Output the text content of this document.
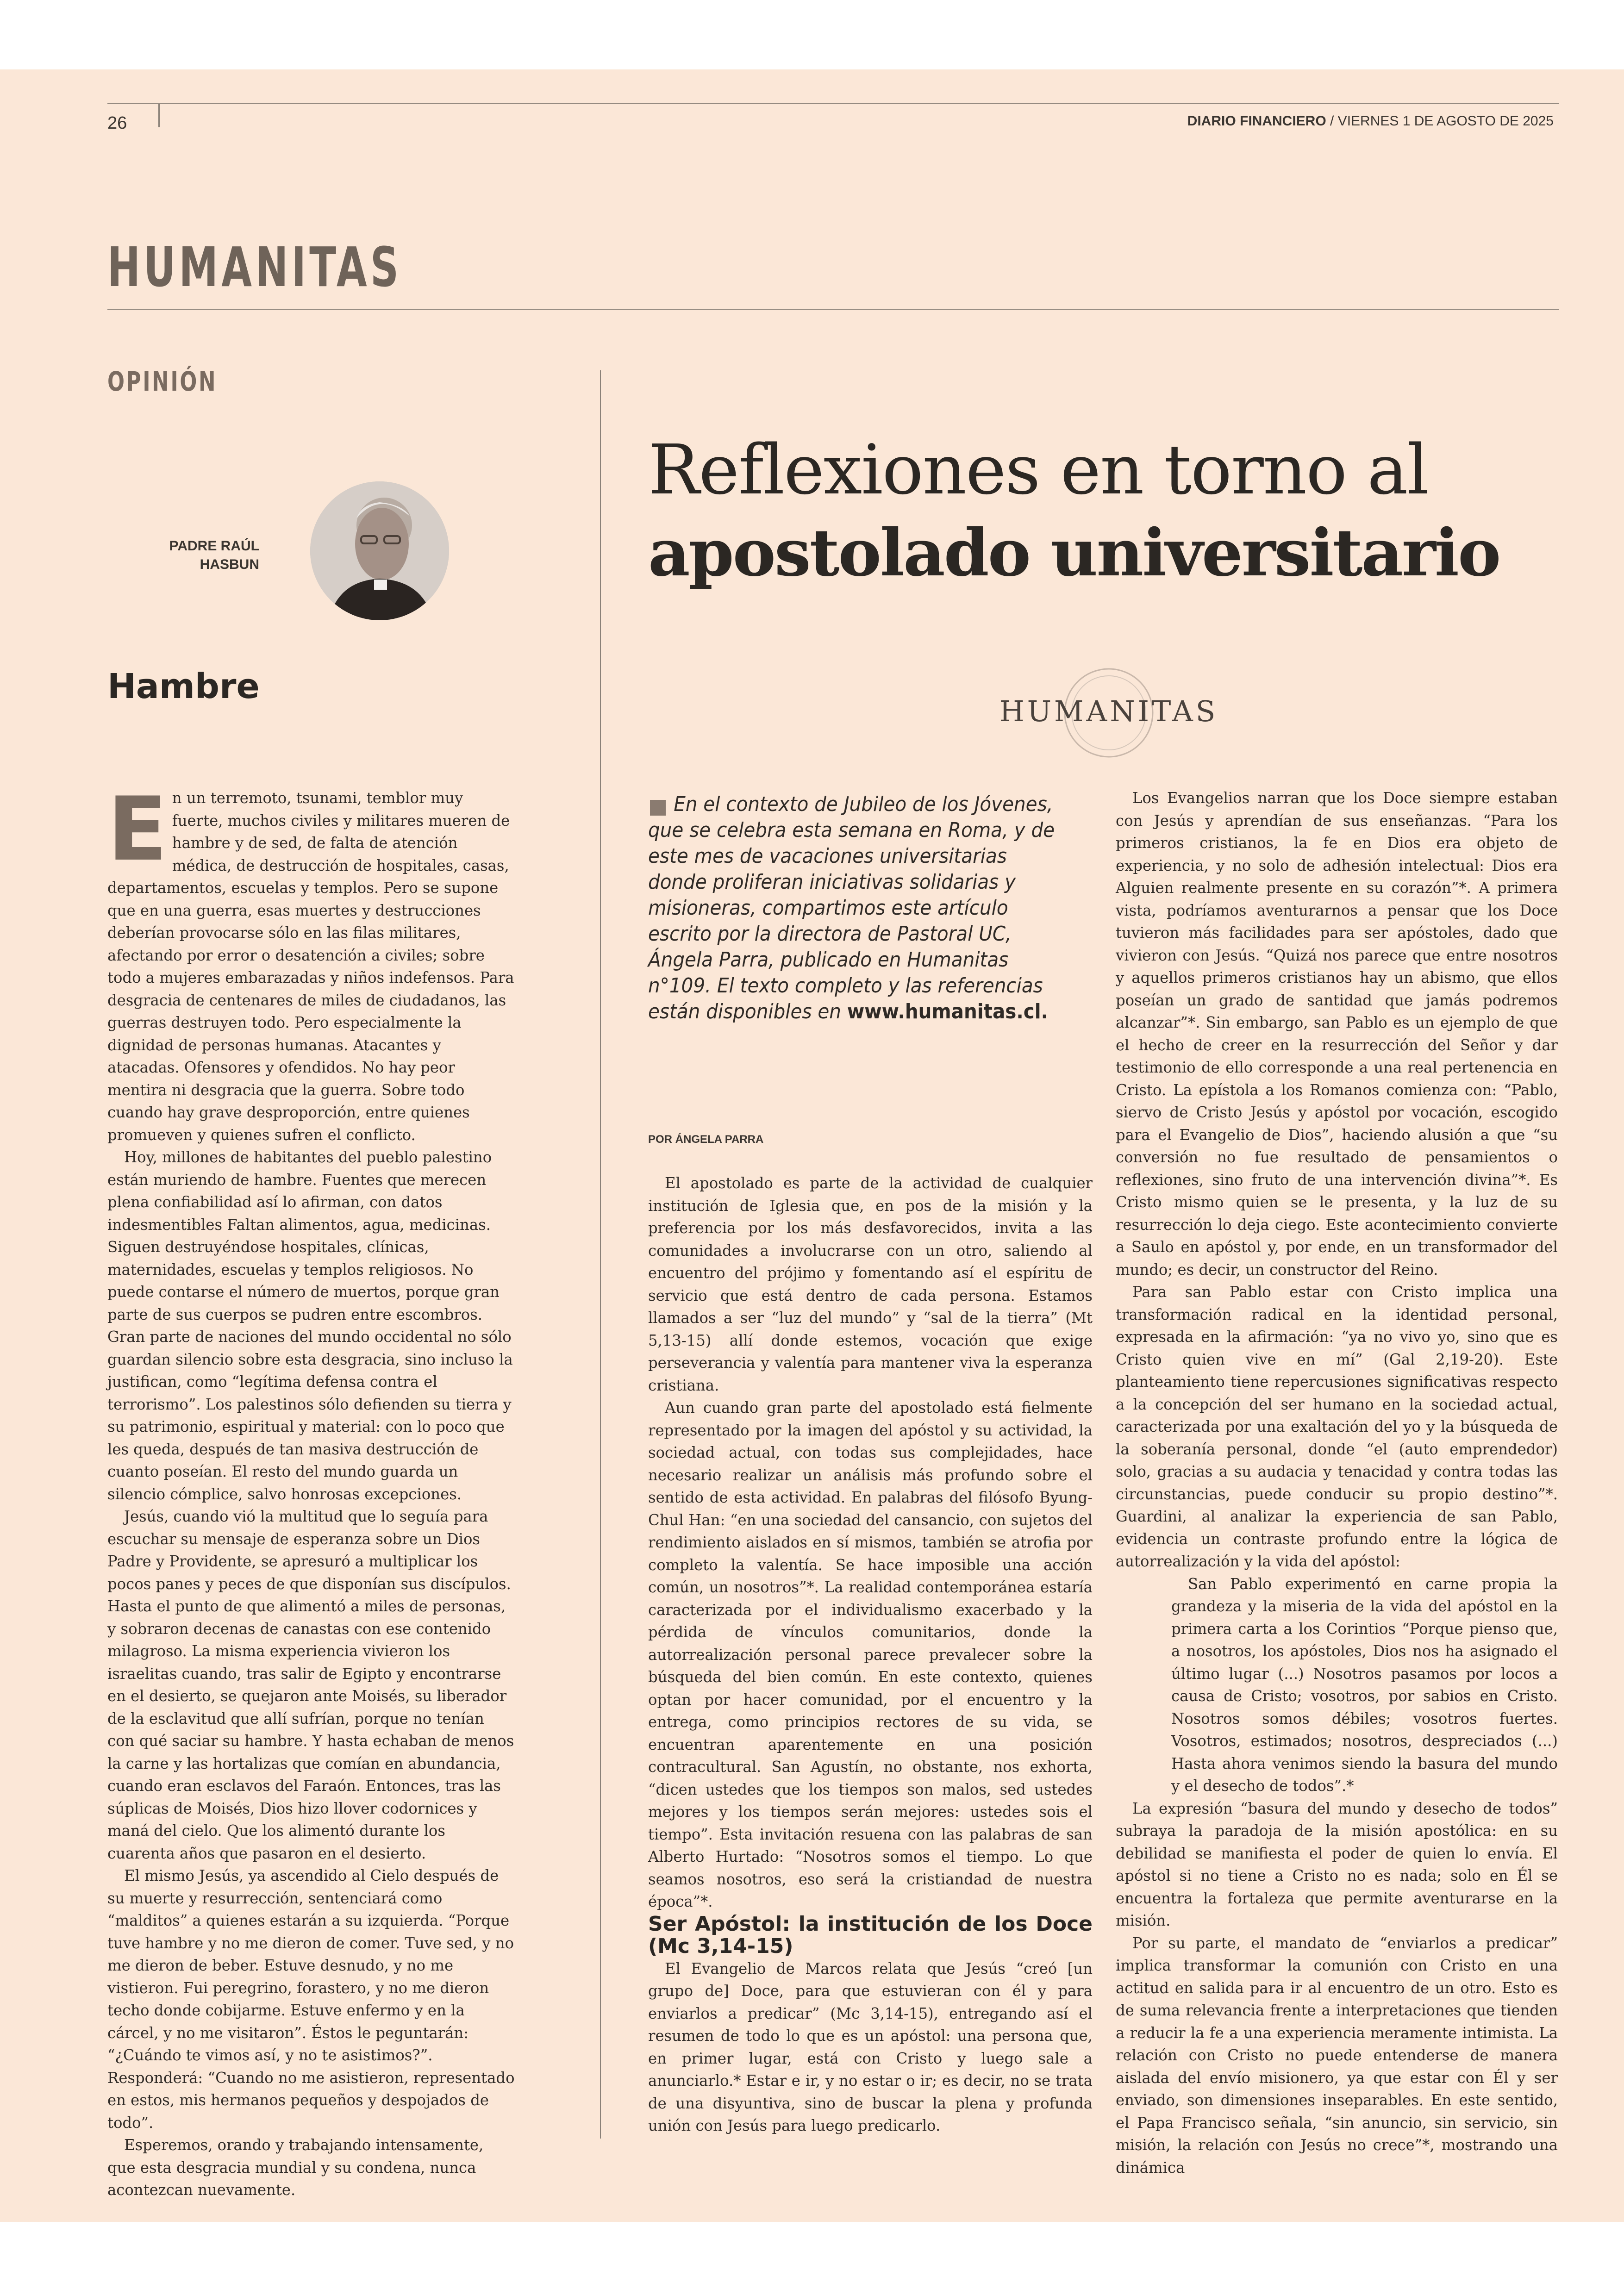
26	DIARIO FINANCIERO / VIERNES 1 DE AGOSTO DE 2025
HUMANITAS
OPINIÓN
PADRE RAÚL
HASBUN
Hambre

En un terremoto, tsunami, temblor muy fuerte, muchos civiles y militares mueren de hambre y de sed, de falta de atención médica, de destrucción de hospitales, casas, departamentos, escuelas y templos. Pero se supone que en una guerra, esas muertes y destrucciones deberían provocarse sólo en las filas militares, afectando por error o desatención a civiles; sobre todo a mujeres embarazadas y niños indefensos. Para desgracia de centenares de miles de ciudadanos, las guerras destruyen todo. Pero especialmente la dignidad de personas humanas. Atacantes y atacadas. Ofensores y ofendidos. No hay peor mentira ni desgracia que la guerra. Sobre todo cuando hay grave desproporción, entre quienes promueven y quienes sufren el conflicto.

Hoy, millones de habitantes del pueblo palestino están muriendo de hambre. Fuentes que merecen plena confiabilidad así lo afirman, con datos indesmentibles Faltan alimentos, agua, medicinas. Siguen destruyéndose hospitales, clínicas, maternidades, escuelas y templos religiosos. No puede contarse el número de muertos, porque gran parte de sus cuerpos se pudren entre escombros. Gran parte de naciones del mundo occidental no sólo guardan silencio sobre esta desgracia, sino incluso la justifican, como “legítima defensa contra el terrorismo”. Los palestinos sólo defienden su tierra y su patrimonio, espiritual y material: con lo poco que les queda, después de tan masiva destrucción de cuanto poseían. El resto del mundo guarda un silencio cómplice, salvo honrosas excepciones.

Jesús, cuando vió la multitud que lo seguía para escuchar su mensaje de esperanza sobre un Dios Padre y Providente, se apresuró a multiplicar los pocos panes y peces de que disponían sus discípulos. Hasta el punto de que alimentó a miles de personas, y sobraron decenas de canastas con ese contenido milagroso. La misma experiencia vivieron los israelitas cuando, tras salir de Egipto y encontrarse en el desierto, se quejaron ante Moisés, su liberador de la esclavitud que allí sufrían, porque no tenían con qué saciar su hambre. Y hasta echaban de menos la carne y las hortalizas que comían en abundancia, cuando eran esclavos del Faraón. Entonces, tras las súplicas de Moisés, Dios hizo llover codornices y maná del cielo. Que los alimentó durante los cuarenta años que pasaron en el desierto.

El mismo Jesús, ya ascendido al Cielo después de su muerte y resurrección, sentenciará como “malditos” a quienes estarán a su izquierda. “Porque tuve hambre y no me dieron de comer. Tuve sed, y no me dieron de beber. Estuve desnudo, y no me vistieron. Fui peregrino, forastero, y no me dieron techo donde cobijarme. Estuve enfermo y en la cárcel, y no me visitaron”. Éstos le peguntarán: “¿Cuándo te vimos así, y no te asistimos?”. Responderá: “Cuando no me asistieron, representado en estos, mis hermanos pequeños y despojados de todo”.

Esperemos, orando y trabajando intensamente, que esta desgracia mundial y su condena, nunca acontezcan nuevamente.

Reflexiones en torno al
apostolado universitario
HUMANITAS
En el contexto de Jubileo de los Jóvenes, que se celebra esta semana en Roma, y de este mes de vacaciones universitarias donde proliferan iniciativas solidarias y misioneras, compartimos este artículo escrito por la directora de Pastoral UC, Ángela Parra, publicado en Humanitas n°109. El texto completo y las referencias están disponibles en www.humanitas.cl.
POR ÁNGELA PARRA

El apostolado es parte de la actividad de cualquier institución de Iglesia que, en pos de la misión y la preferencia por los más desfavorecidos, invita a las comunidades a involucrarse con un otro, saliendo al encuentro del prójimo y fomentando así el espíritu de servicio que está dentro de cada persona. Estamos llamados a ser “luz del mundo” y “sal de la tierra” (Mt 5,13-15) allí donde estemos, vocación que exige perseverancia y valentía para mantener viva la esperanza cristiana.

Aun cuando gran parte del apostolado está fielmente representado por la imagen del apóstol y su actividad, la sociedad actual, con todas sus complejidades, hace necesario realizar un análisis más profundo sobre el sentido de esta actividad. En palabras del filósofo Byung-Chul Han: “en una sociedad del cansancio, con sujetos del rendimiento aislados en sí mismos, también se atrofia por completo la valentía. Se hace imposible una acción común, un nosotros”*. La realidad contemporánea estaría caracterizada por el individualismo exacerbado y la pérdida de vínculos comunitarios, donde la autorrealización personal parece prevalecer sobre la búsqueda del bien común. En este contexto, quienes optan por hacer comunidad, por el encuentro y la entrega, como principios rectores de su vida, se encuentran aparentemente en una posición contracultural. San Agustín, no obstante, nos exhorta, “dicen ustedes que los tiempos son malos, sed ustedes mejores y los tiempos serán mejores: ustedes sois el tiempo”. Esta invitación resuena con las palabras de san Alberto Hurtado: “Nosotros somos el tiempo. Lo que seamos nosotros, eso será la cristiandad de nuestra época”*.

Ser Apóstol: la institución de los Doce (Mc 3,14-15)

El Evangelio de Marcos relata que Jesús “creó [un grupo de] Doce, para que estuvieran con él y para enviarlos a predicar” (Mc 3,14-15), entregando así el resumen de todo lo que es un apóstol: una persona que, en primer lugar, está con Cristo y luego sale a anunciarlo.* Estar e ir, y no estar o ir; es decir, no se trata de una disyuntiva, sino de buscar la plena y profunda unión con Jesús para luego predicarlo.

Los Evangelios narran que los Doce siempre estaban con Jesús y aprendían de sus enseñanzas. “Para los primeros cristianos, la fe en Dios era objeto de experiencia, y no solo de adhesión intelectual: Dios era Alguien realmente presente en su corazón”*. A primera vista, podríamos aventurarnos a pensar que los Doce tuvieron más facilidades para ser apóstoles, dado que vivieron con Jesús. “Quizá nos parece que entre nosotros y aquellos primeros cristianos hay un abismo, que ellos poseían un grado de santidad que jamás podremos alcanzar”*. Sin embargo, san Pablo es un ejemplo de que el hecho de creer en la resurrección del Señor y dar testimonio de ello corresponde a una real pertenencia en Cristo. La epístola a los Romanos comienza con: “Pablo, siervo de Cristo Jesús y apóstol por vocación, escogido para el Evangelio de Dios”, haciendo alusión a que “su conversión no fue resultado de pensamientos o reflexiones, sino fruto de una intervención divina”*. Es Cristo mismo quien se le presenta, y la luz de su resurrección lo deja ciego. Este acontecimiento convierte a Saulo en apóstol y, por ende, en un transformador del mundo; es decir, un constructor del Reino.

Para san Pablo estar con Cristo implica una transformación radical en la identidad personal, expresada en la afirmación: “ya no vivo yo, sino que es Cristo quien vive en mí” (Gal 2,19-20). Este planteamiento tiene repercusiones significativas respecto a la concepción del ser humano en la sociedad actual, caracterizada por una exaltación del yo y la búsqueda de la soberanía personal, donde “el (auto emprendedor) solo, gracias a su audacia y tenacidad y contra todas las circunstancias, puede conducir su propio destino”*. Guardini, al analizar la experiencia de san Pablo, evidencia un contraste profundo entre la lógica de autorrealización y la vida del apóstol:

San Pablo experimentó en carne propia la grandeza y la miseria de la vida del apóstol en la primera carta a los Corintios “Porque pienso que, a nosotros, los apóstoles, Dios nos ha asignado el último lugar (...) Nosotros pasamos por locos a causa de Cristo; vosotros, por sabios en Cristo. Nosotros somos débiles; vosotros fuertes. Vosotros, estimados; nosotros, despreciados (...) Hasta ahora venimos siendo la basura del mundo y el desecho de todos”.*

La expresión “basura del mundo y desecho de todos” subraya la paradoja de la misión apostólica: en su debilidad se manifiesta el poder de quien lo envía. El apóstol si no tiene a Cristo no es nada; solo en Él se encuentra la fortaleza que permite aventurarse en la misión.

Por su parte, el mandato de “enviarlos a predicar” implica transformar la comunión con Cristo en una actitud en salida para ir al encuentro de un otro. Esto es de suma relevancia frente a interpretaciones que tienden a reducir la fe a una experiencia meramente intimista. La relación con Cristo no puede entenderse de manera aislada del envío misionero, ya que estar con Él y ser enviado, son dimensiones inseparables. En este sentido, el Papa Francisco señala, “sin anuncio, sin servicio, sin misión, la relación con Jesús no crece”*, mostrando una dinámica
